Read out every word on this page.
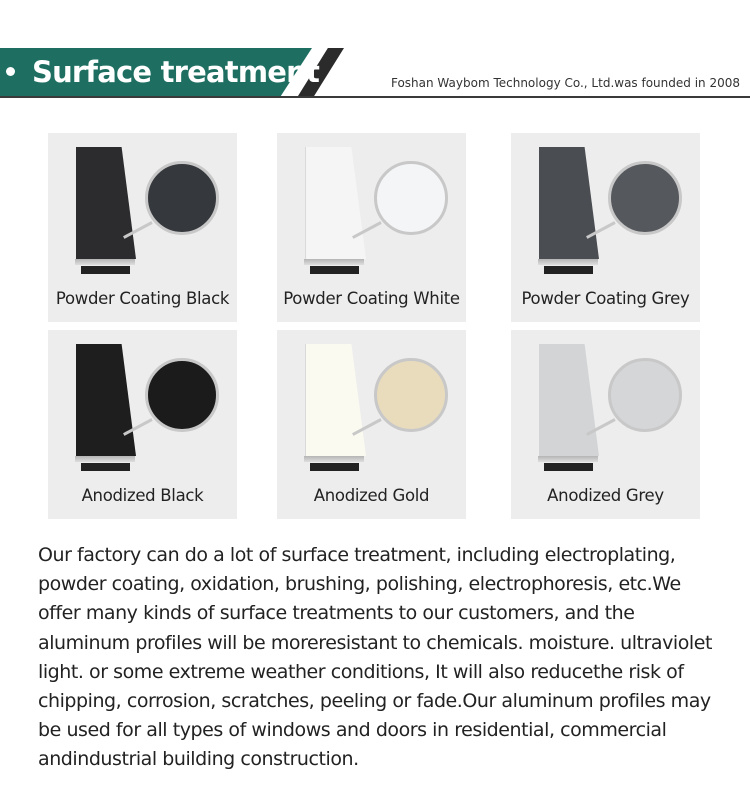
Surface treatment	Foshan Waybom Technology Co., Ltd.was founded in 2008
Powder Coating Black	Powder Coating White	Powder Coating Grey
Anodized Black	Anodized Gold	Anodized Grey

Our factory can do a lot of surface treatment, including electroplating, powder coating, oxidation, brushing, polishing, electrophoresis, etc.We offer many kinds of surface treatments to our customers, and the aluminum profiles will be moreresistant to chemicals. moisture. ultraviolet light. or some extreme weather conditions, It will also reducethe risk of chipping, corrosion, scratches, peeling or fade.Our aluminum profiles may be used for all types of windows and doors in residential, commercial andindustrial building construction.
